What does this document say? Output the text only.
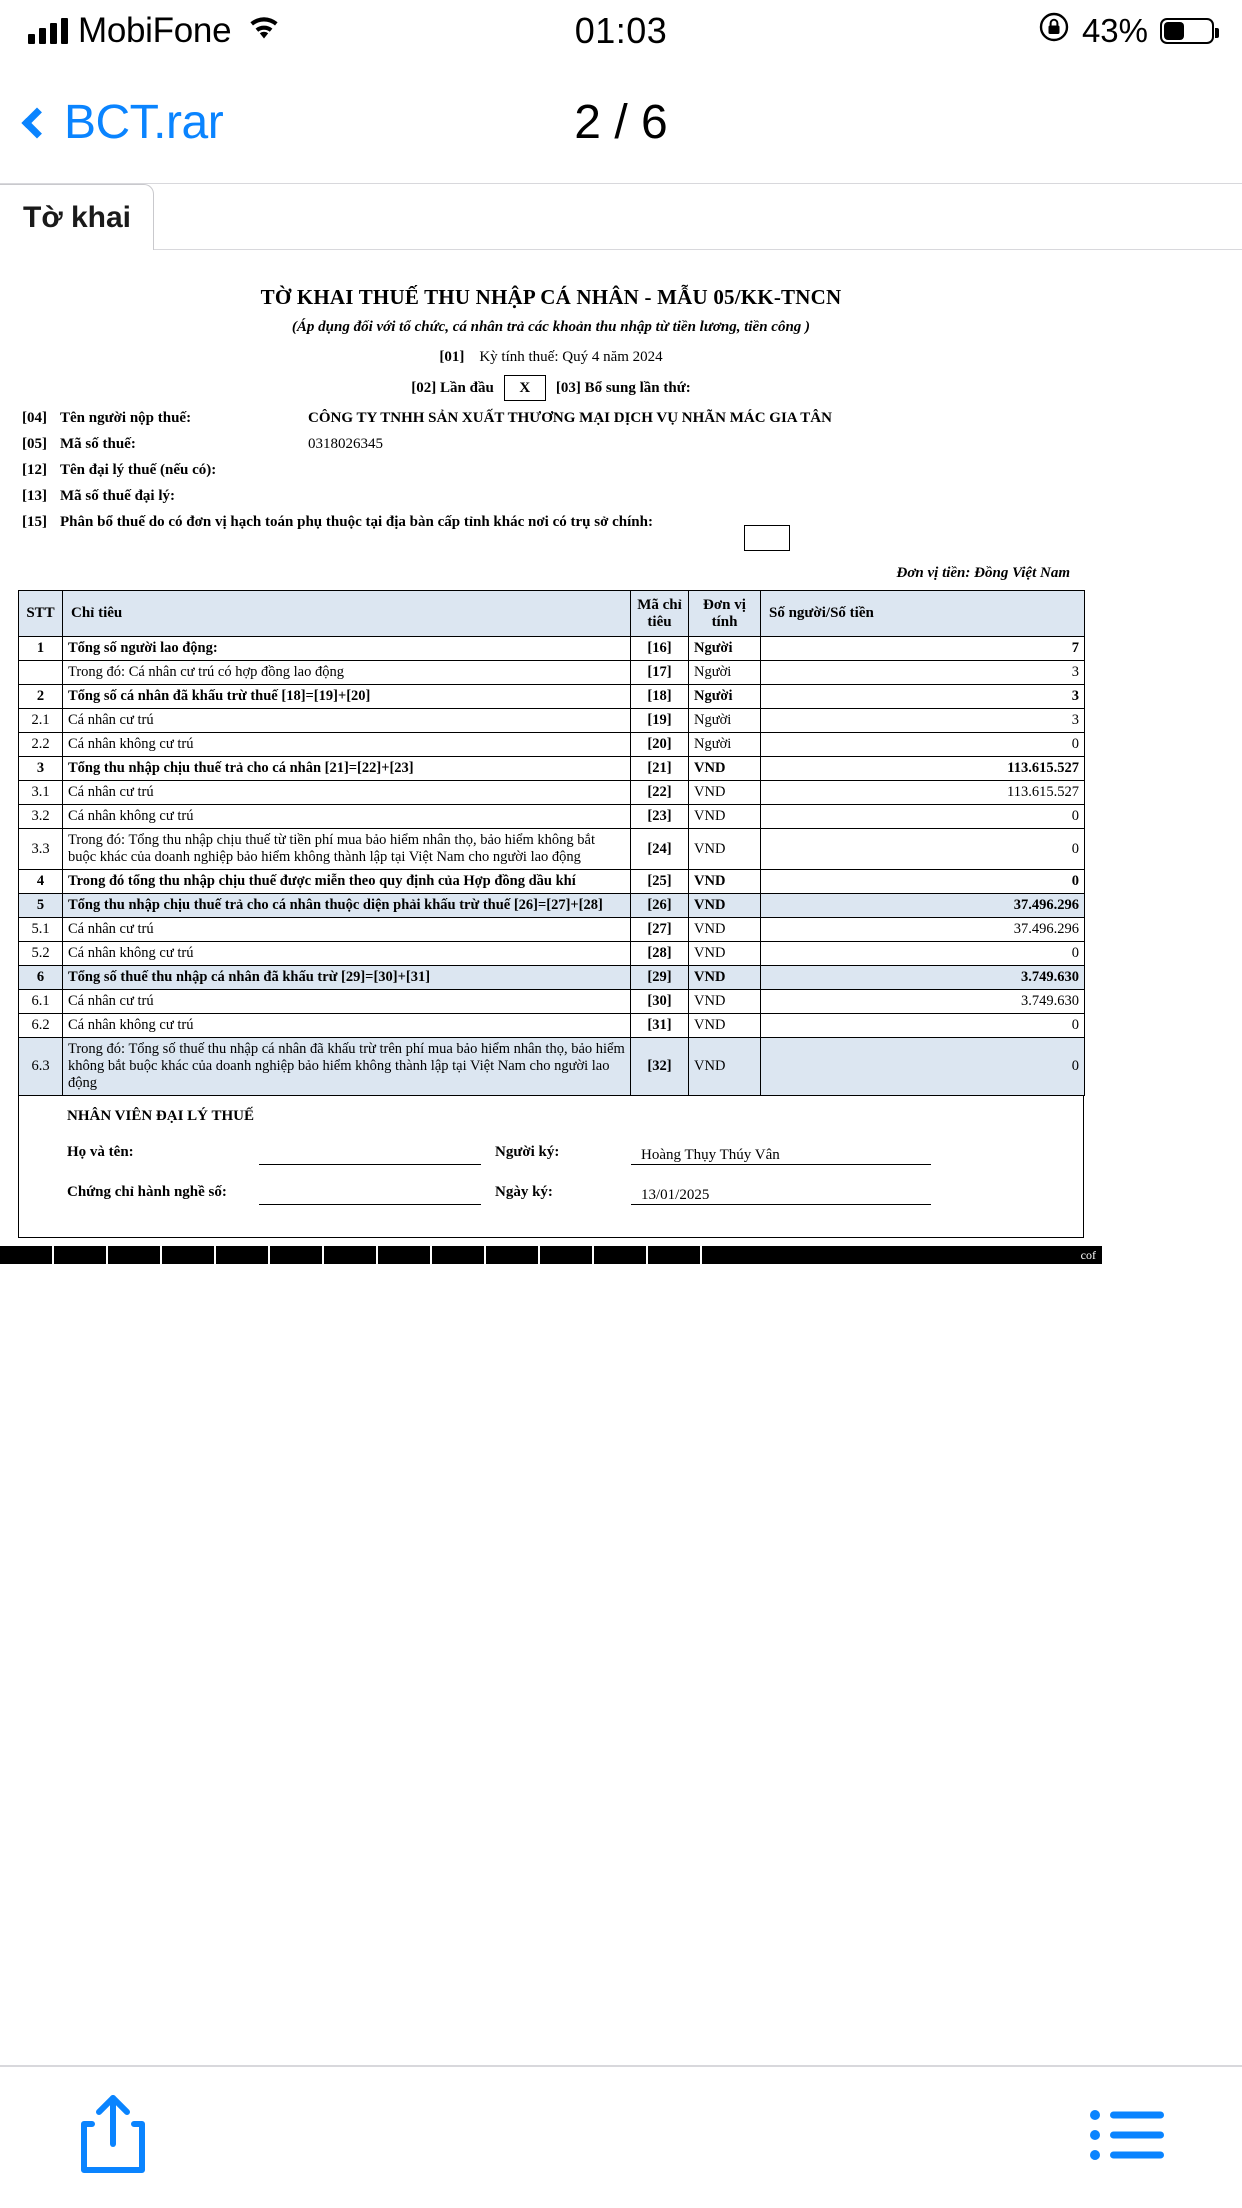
MobiFone	01:03	43%
BCT.rar	2 / 6
Tờ khai
TỜ KHAI THUẾ THU NHẬP CÁ NHÂN - MẪU 05/KK-TNCN
(Áp dụng đối với tổ chức, cá nhân trả các khoản thu nhập từ tiền lương, tiền công )
[01] Kỳ tính thuế: Quý 4 năm 2024
[02] Lần đầu X [03] Bổ sung lần thứ:
[04] Tên người nộp thuế:	CÔNG TY TNHH SẢN XUẤT THƯƠNG MẠI DỊCH VỤ NHÃN MÁC GIA TÂN
[05] Mã số thuế:	0318026345
[12] Tên đại lý thuế (nếu có):
[13] Mã số thuế đại lý:
[15] Phân bổ thuế do có đơn vị hạch toán phụ thuộc tại địa bàn cấp tỉnh khác nơi có trụ sở chính:
Đơn vị tiền: Đồng Việt Nam
STT	Chỉ tiêu	Mã chỉ tiêu	Đơn vị tính	Số người/Số tiền
1	Tổng số người lao động:	[16]	Người	7
	Trong đó: Cá nhân cư trú có hợp đồng lao động	[17]	Người	3
2	Tổng số cá nhân đã khấu trừ thuế [18]=[19]+[20]	[18]	Người	3
2.1	Cá nhân cư trú	[19]	Người	3
2.2	Cá nhân không cư trú	[20]	Người	0
3	Tổng thu nhập chịu thuế trả cho cá nhân [21]=[22]+[23]	[21]	VND	113.615.527
3.1	Cá nhân cư trú	[22]	VND	113.615.527
3.2	Cá nhân không cư trú	[23]	VND	0
3.3	Trong đó: Tổng thu nhập chịu thuế từ tiền phí mua bảo hiểm nhân thọ, bảo hiểm không bắt buộc khác của doanh nghiệp bảo hiểm không thành lập tại Việt Nam cho người lao động	[24]	VND	0
4	Trong đó tổng thu nhập chịu thuế được miễn theo quy định của Hợp đồng dầu khí	[25]	VND	0
5	Tổng thu nhập chịu thuế trả cho cá nhân thuộc diện phải khấu trừ thuế [26]=[27]+[28]	[26]	VND	37.496.296
5.1	Cá nhân cư trú	[27]	VND	37.496.296
5.2	Cá nhân không cư trú	[28]	VND	0
6	Tổng số thuế thu nhập cá nhân đã khấu trừ [29]=[30]+[31]	[29]	VND	3.749.630
6.1	Cá nhân cư trú	[30]	VND	3.749.630
6.2	Cá nhân không cư trú	[31]	VND	0
6.3	Trong đó: Tổng số thuế thu nhập cá nhân đã khấu trừ trên phí mua bảo hiểm nhân thọ, bảo hiểm không bắt buộc khác của doanh nghiệp bảo hiểm không thành lập tại Việt Nam cho người lao động	[32]	VND	0
NHÂN VIÊN ĐẠI LÝ THUẾ
Họ và tên:	Người ký:	Hoàng Thụy Thúy Vân
Chứng chỉ hành nghề số:	Ngày ký:	13/01/2025
cof
